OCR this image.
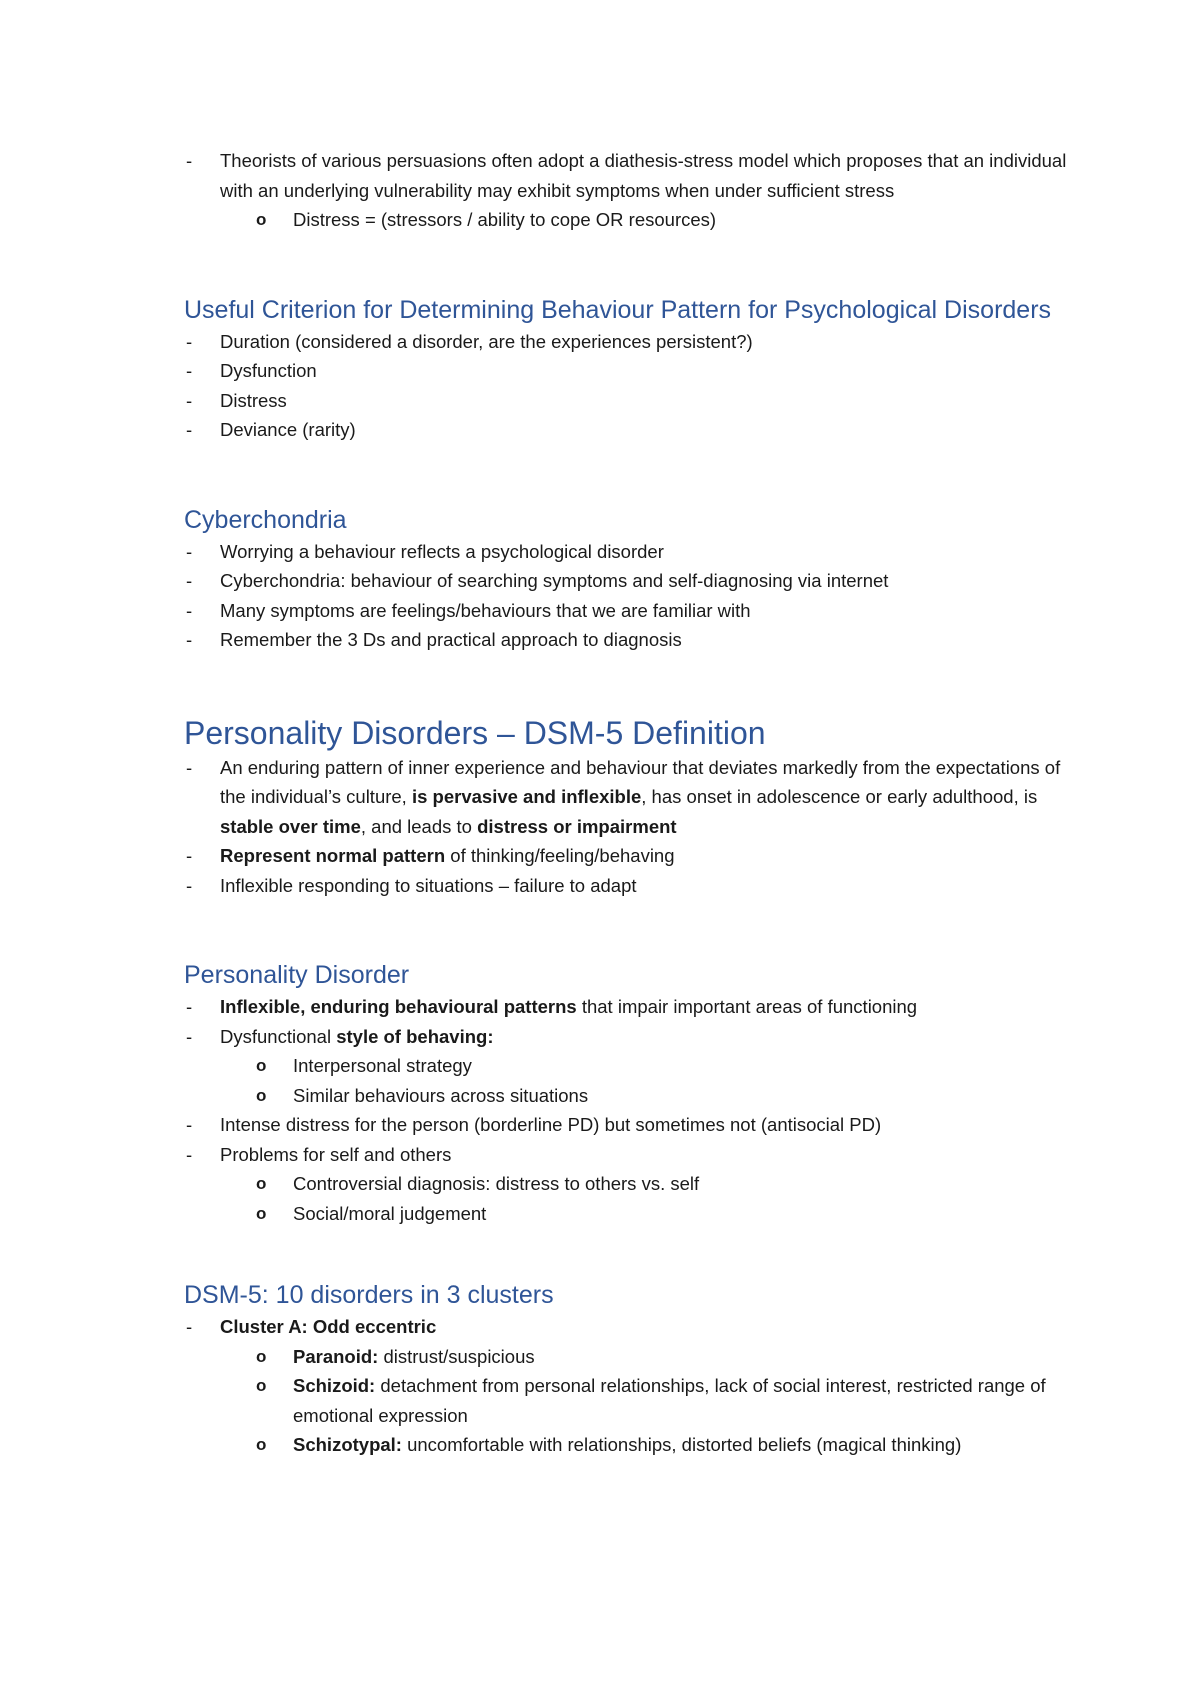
- Theorists of various persuasions often adopt a diathesis-stress model which proposes that an individual with an underlying vulnerability may exhibit symptoms when under sufficient stress
o Distress = (stressors / ability to cope OR resources)
Useful Criterion for Determining Behaviour Pattern for Psychological Disorders
- Duration (considered a disorder, are the experiences persistent?)
- Dysfunction
- Distress
- Deviance (rarity)
Cyberchondria
- Worrying a behaviour reflects a psychological disorder
- Cyberchondria: behaviour of searching symptoms and self-diagnosing via internet
- Many symptoms are feelings/behaviours that we are familiar with
- Remember the 3 Ds and practical approach to diagnosis
Personality Disorders – DSM-5 Definition
- An enduring pattern of inner experience and behaviour that deviates markedly from the expectations of the individual’s culture, is pervasive and inflexible, has onset in adolescence or early adulthood, is stable over time, and leads to distress or impairment
- Represent normal pattern of thinking/feeling/behaving
- Inflexible responding to situations – failure to adapt
Personality Disorder
- Inflexible, enduring behavioural patterns that impair important areas of functioning
- Dysfunctional style of behaving:
o Interpersonal strategy
o Similar behaviours across situations
- Intense distress for the person (borderline PD) but sometimes not (antisocial PD)
- Problems for self and others
o Controversial diagnosis: distress to others vs. self
o Social/moral judgement
DSM-5: 10 disorders in 3 clusters
- Cluster A: Odd eccentric
o Paranoid: distrust/suspicious
o Schizoid: detachment from personal relationships, lack of social interest, restricted range of emotional expression
o Schizotypal: uncomfortable with relationships, distorted beliefs (magical thinking)
